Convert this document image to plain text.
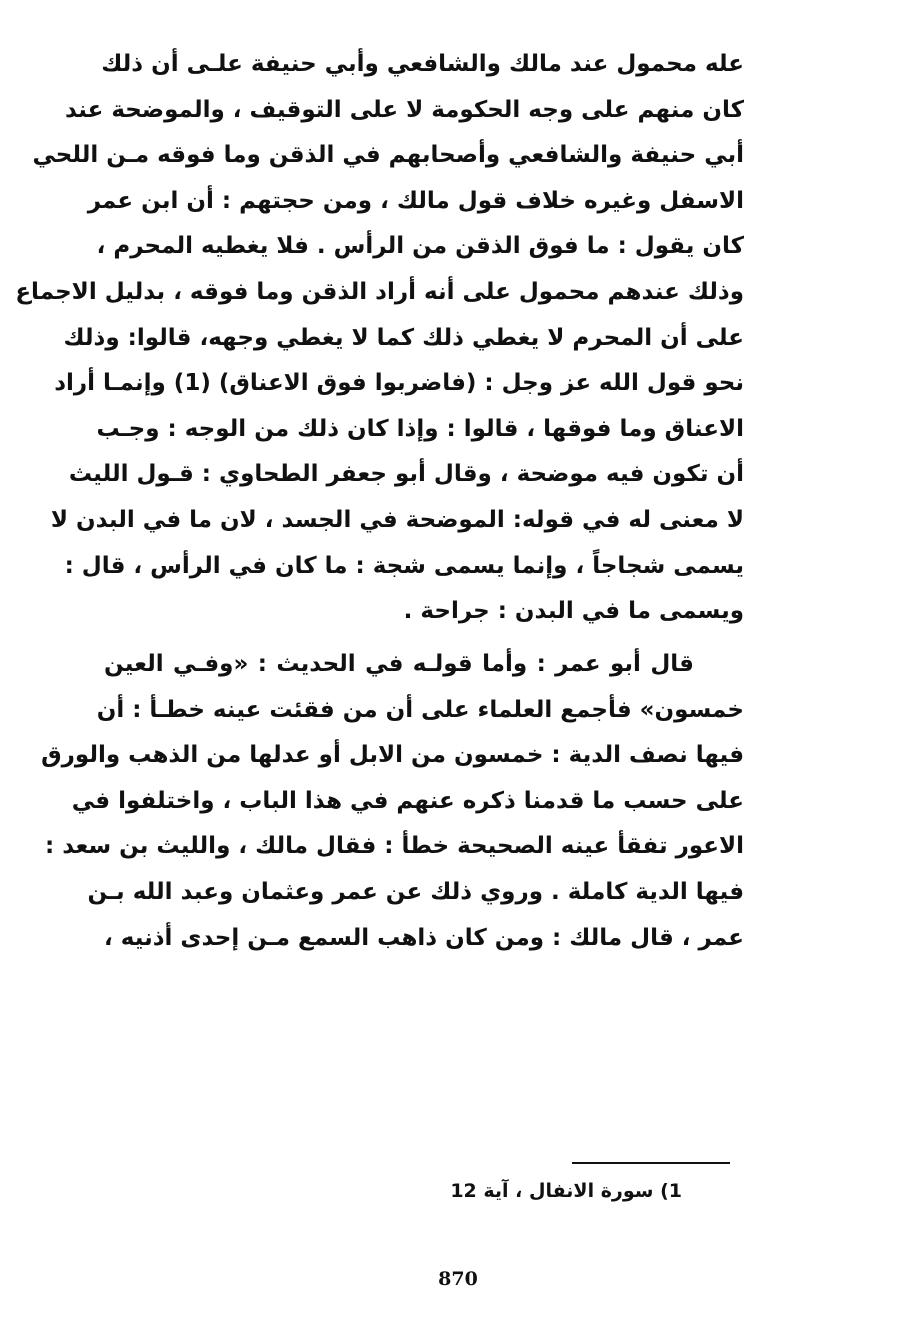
عله محمول عند مالك والشافعي وأبي حنيفة علـى أن ذلك
كان منهم على وجه الحكومة لا على التوقيف ، والموضحة عند
أبي حنيفة والشافعي وأصحابهم في الذقن وما فوقه مـن اللحي
الاسفل وغيره خلاف قول مالك ، ومن حجتهم : أن ابن عمر
كان يقول : ما فوق الذقن من الرأس . فلا يغطيه المحرم ،
وذلك عندهم محمول على أنه أراد الذقن وما فوقه ، بدليل الاجماع
على أن المحرم لا يغطي ذلك كما لا يغطي وجهه، قالوا: وذلك
نحو قول الله عز وجل : (فاضربوا فوق الاعناق) (1) وإنمـا أراد
الاعناق وما فوقها ، قالوا : وإذا كان ذلك من الوجه : وجـب
أن تكون فيه موضحة ، وقال أبو جعفر الطحاوي : قـول الليث
لا معنى له في قوله: الموضحة في الجسد ، لان ما في البدن لا
يسمى شجاجاً ، وإنما يسمى شجة : ما كان في الرأس ، قال :
ويسمى ما في البدن : جراحة .
قال أبو عمر : وأما قولـه في الحديث : «وفـي العين
خمسون» فأجمع العلماء على أن من فقئت عينه خطـأ : أن
فيها نصف الدية : خمسون من الابل أو عدلها من الذهب والورق
على حسب ما قدمنا ذكره عنهم في هذا الباب ، واختلفوا في
الاعور تفقأ عينه الصحيحة خطأ : فقال مالك ، والليث بن سعد :
فيها الدية كاملة . وروي ذلك عن عمر وعثمان وعبد الله بـن
عمر ، قال مالك : ومن كان ذاهب السمع مـن إحدى أذنيه ،
1) سورة الانفال ، آية 12
870
